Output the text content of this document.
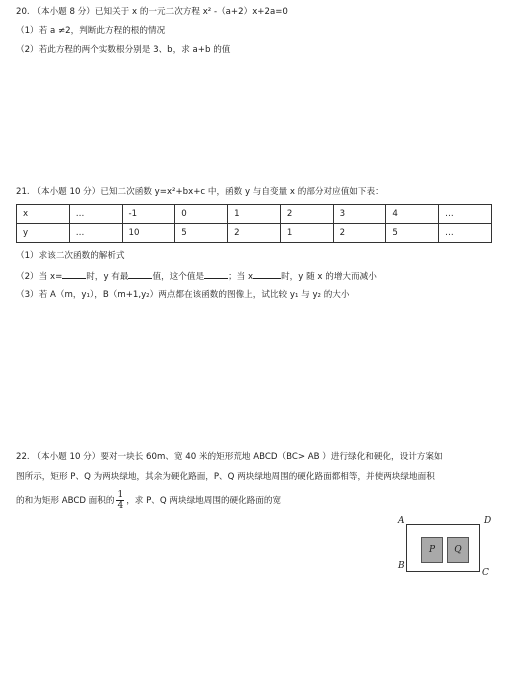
20. （本小题 8 分）已知关于 x 的一元二次方程 x² -（a+2）x+2a=0
（1）若 a ≠2，判断此方程的根的情况
（2）若此方程的两个实数根分别是 3、b，求 a+b 的值
21. （本小题 10 分）已知二次函数 y=x²+bx+c 中，函数 y 与自变量 x 的部分对应值如下表：
x	…	-1	0	1	2	3	4	…
y	…	10	5	2	1	2	5	…
（1）求该二次函数的解析式
（2）当 x=	时，y 有最	值，这个值是	；当 x	时，y 随 x 的增大而减小
（3）若 A（m，y₁），B（m+1,y₂）两点都在该函数的图像上，试比较 y₁ 与 y₂ 的大小
22. （本小题 10 分）要对一块长 60m、宽 40 米的矩形荒地 ABCD（BC> AB ）进行绿化和硬化，设计方案如
图所示，矩形 P、Q 为两块绿地，其余为硬化路面，P、Q 两块绿地周围的硬化路面都相等，并使两块绿地面积
的和为矩形 ABCD 面积的 $\frac{1}{4}$ ，求 P、Q 两块绿地周围的硬化路面的宽
A	D
B
C
P	Q
